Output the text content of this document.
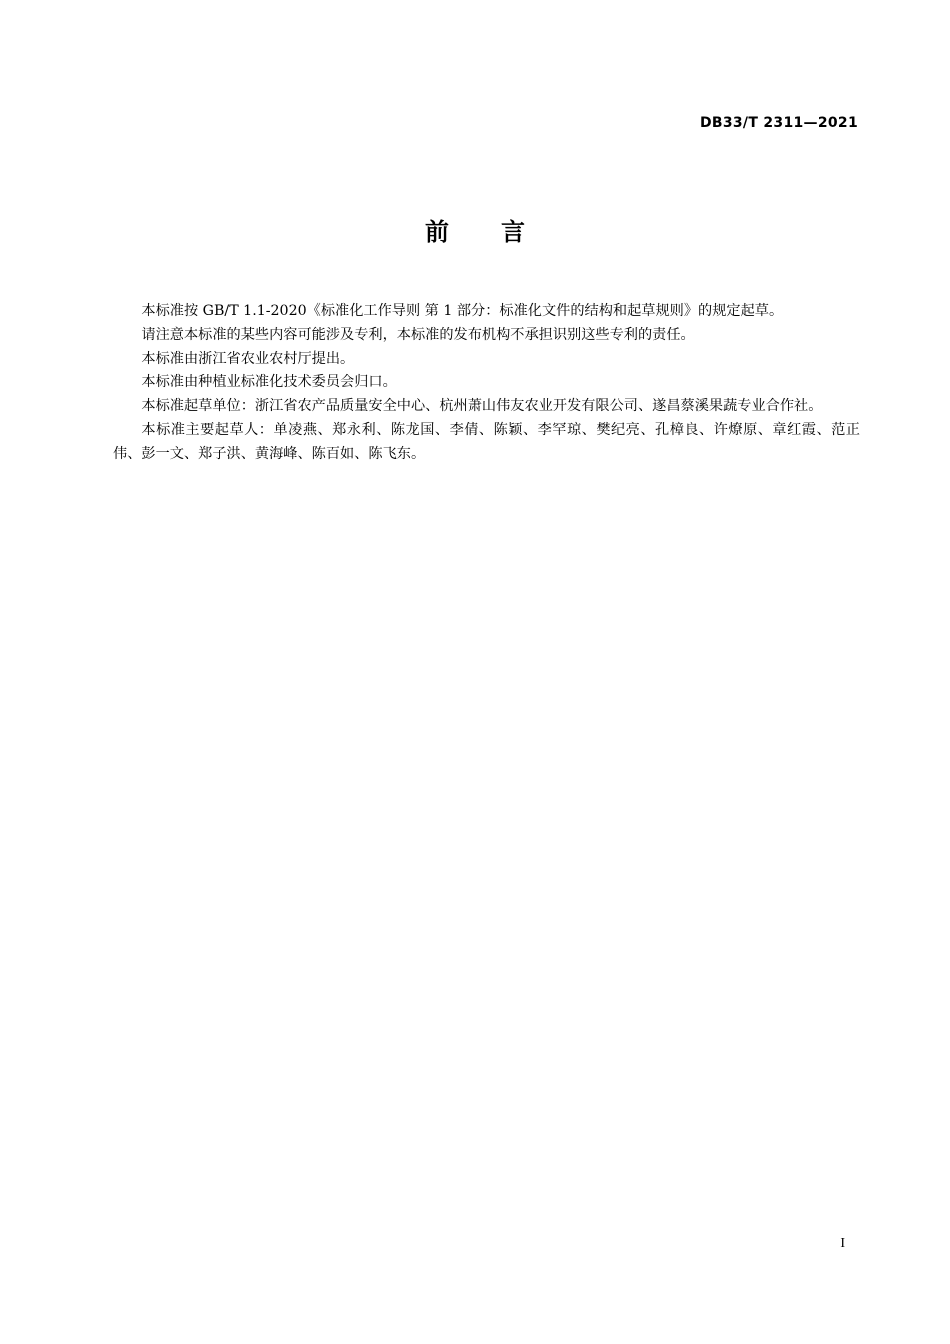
DB33/T 2311—2021
前言

本标准按 GB/T 1.1-2020《标准化工作导则 第 1 部分：标准化文件的结构和起草规则》的规定起草。

请注意本标准的某些内容可能涉及专利，本标准的发布机构不承担识别这些专利的责任。

本标准由浙江省农业农村厅提出。

本标准由种植业标准化技术委员会归口。

本标准起草单位：浙江省农产品质量安全中心、杭州萧山伟友农业开发有限公司、遂昌蔡溪果蔬专业合作社。

本标准主要起草人：单凌燕、郑永利、陈龙国、李倩、陈颖、李罕琼、樊纪亮、孔樟良、许燎原、章红霞、范正伟、彭一文、郑子洪、黄海峰、陈百如、陈飞东。

I
